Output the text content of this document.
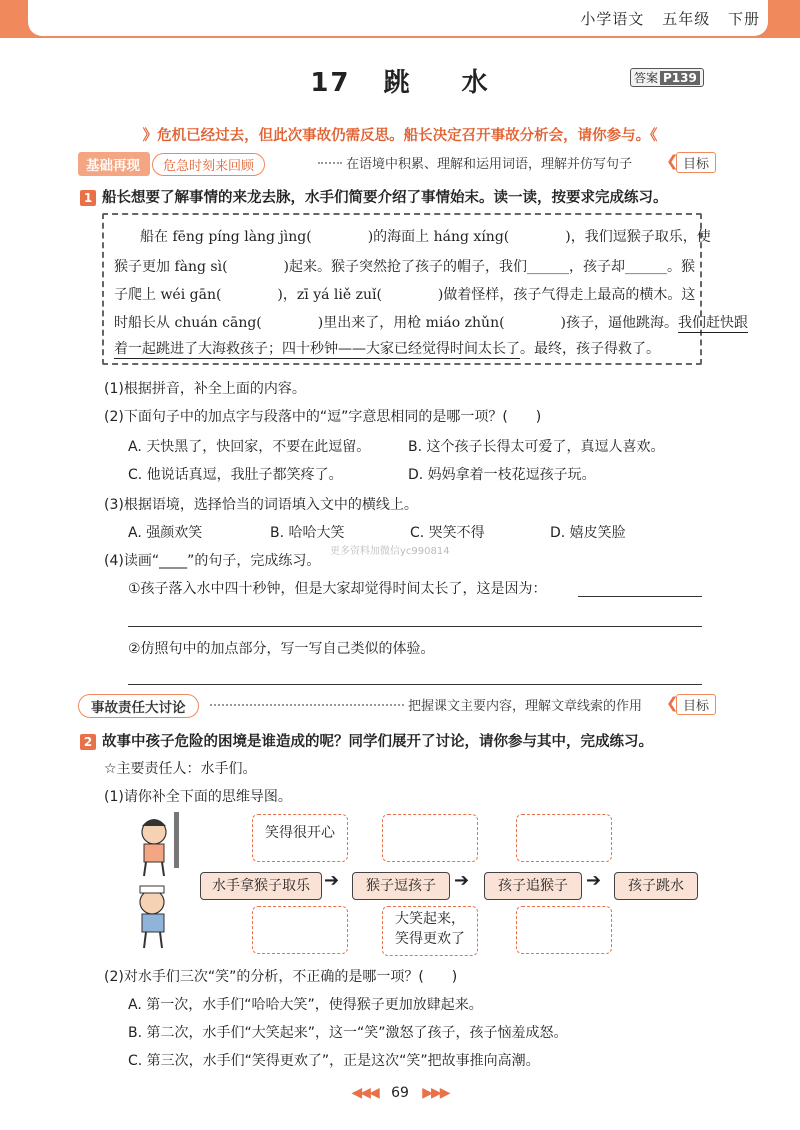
小学语文 五年级 下册
17 跳 水	答案 P139
》危机已经过去，但此次事故仍需反思。船长决定召开事故分析会，请你参与。《
基础再现 危急时刻来回顾	在语境中积累、理解和运用词语，理解并仿写句子 ❮ 目标
1 船长想要了解事情的来龙去脉，水手们简要介绍了事情始末。读一读，按要求完成练习。
船在 fēng píng làng jìng(　　　　)的海面上 háng xíng(　　　　)，我们逗猴子取乐，使
猴子更加 fàng sì(　　　　)起来。猴子突然抢了孩子的帽子，我们______，孩子却______。猴
子爬上 wéi gān(　　　　)，zī yá liě zuǐ(　　　　)做着怪样，孩子气得走上最高的横木。这
时船长从 chuán cāng(　　　　)里出来了，用枪 miáo zhǔn(　　　　)孩子，逼他跳海。我们赶快跟
着一起跳进了大海救孩子；四十秒钟——大家已经觉得时间太长了。最终，孩子得救了。
(1)根据拼音，补全上面的内容。
(2)下面句子中的加点字与段落中的“逗”字意思相同的是哪一项？(　　)
A. 天快黑了，快回家，不要在此逗留。	B. 这个孩子长得太可爱了，真逗人喜欢。
C. 他说话真逗，我肚子都笑疼了。	D. 妈妈拿着一枝花逗孩子玩。
(3)根据语境，选择恰当的词语填入文中的横线上。
A. 强颜欢笑	B. 哈哈大笑	C. 哭笑不得	D. 嬉皮笑脸
(4)读画“____”的句子，完成练习。
更多资料加微信yc990814
①孩子落入水中四十秒钟，但是大家却觉得时间太长了，这是因为：
②仿照句中的加点部分，写一写自己类似的体验。
事故责任大讨论	把握课文主要内容，理解文章线索的作用 ❮ 目标
2 故事中孩子危险的困境是谁造成的呢？同学们展开了讨论，请你参与其中，完成练习。
☆主要责任人：水手们。
(1)请你补全下面的思维导图。
笑得很开心
水手拿猴子取乐 ➔	猴子逗孩子	➔	孩子追猴子	➔	孩子跳水
大笑起来，
笑得更欢了
(2)对水手们三次“笑”的分析，不正确的是哪一项？(　　)
A. 第一次，水手们“哈哈大笑”，使得猴子更加放肆起来。
B. 第二次，水手们“大笑起来”，这一“笑”激怒了孩子，孩子恼羞成怒。
C. 第三次，水手们“笑得更欢了”，正是这次“笑”把故事推向高潮。
◀◀◀ 69 ▶▶▶
